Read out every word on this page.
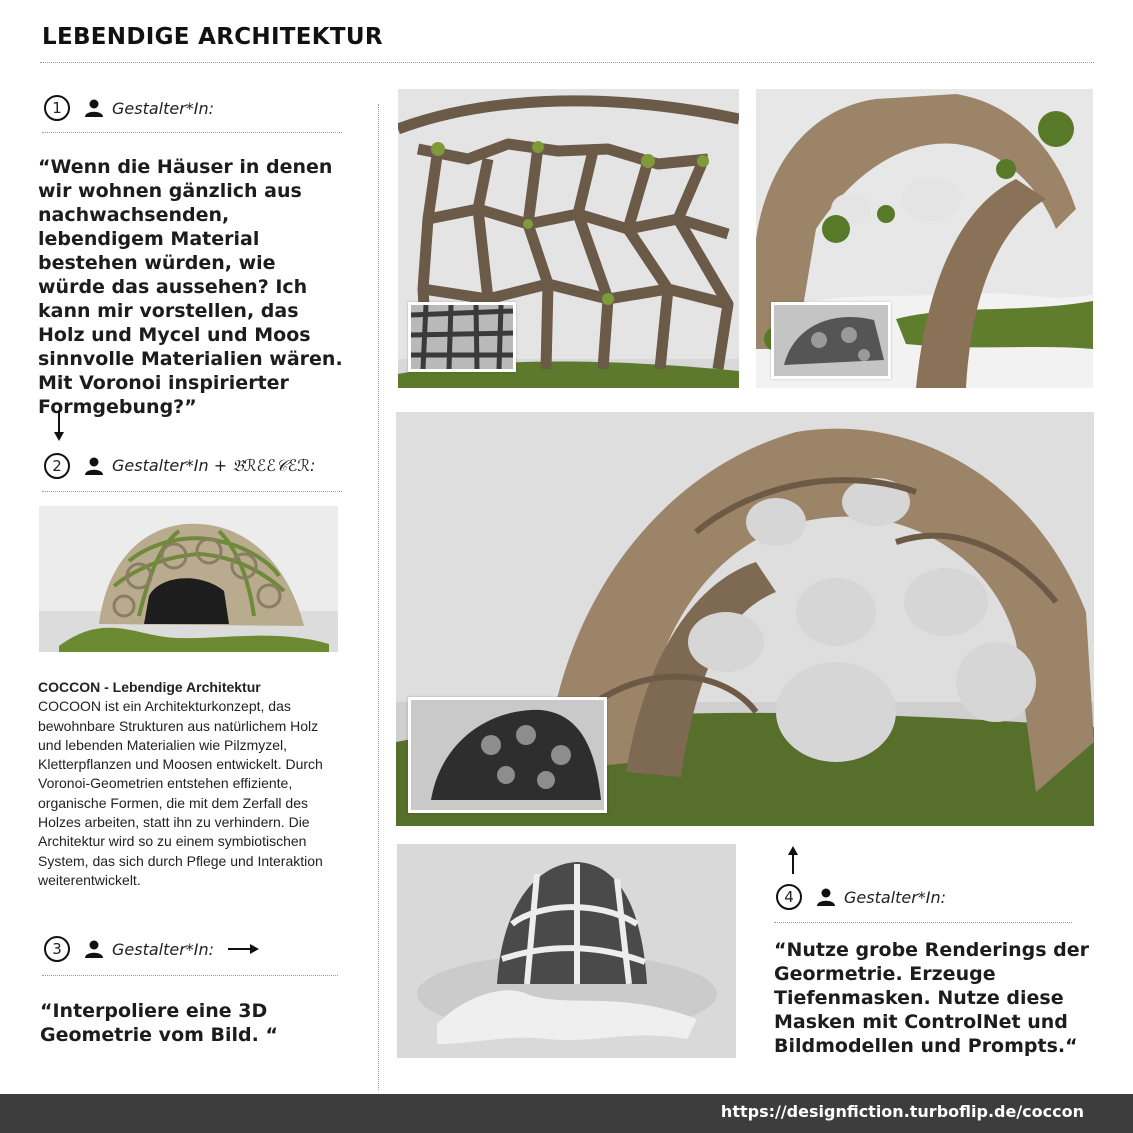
LEBENDIGE ARCHITEKTUR
1	Gestalter*In:
“Wenn die Häuser in denen wir wohnen gänzlich aus nachwachsenden, lebendigem Material bestehen würden, wie würde das aussehen? Ich kann mir vorstellen, das Holz und Mycel und Moos sinnvolle Materialien wären. Mit Voronoi inspirierter Formgebung?”
2	Gestalter*In + 𝔅ℛℰℰ𝒞ℰℛ:
COCCON - Lebendige Architektur
COCOON ist ein Architekturkonzept, das bewohnbare Strukturen aus natürlichem Holz und lebenden Materialien wie Pilzmyzel, Kletterpflanzen und Moosen entwickelt. Durch Voronoi-Geometrien entstehen effiziente, organische Formen, die mit dem Zerfall des Holzes arbeiten, statt ihn zu verhindern. Die Architektur wird so zu einem symbiotischen System, das sich durch Pflege und Interaktion weiterentwickelt.
3	Gestalter*In:
“Interpoliere eine 3D Geometrie vom Bild. “
4	Gestalter*In:
“Nutze grobe Renderings der Geormetrie. Erzeuge Tiefenmasken. Nutze diese Masken mit ControlNet und Bildmodellen und Prompts.“
https://designfiction.turboflip.de/coccon
